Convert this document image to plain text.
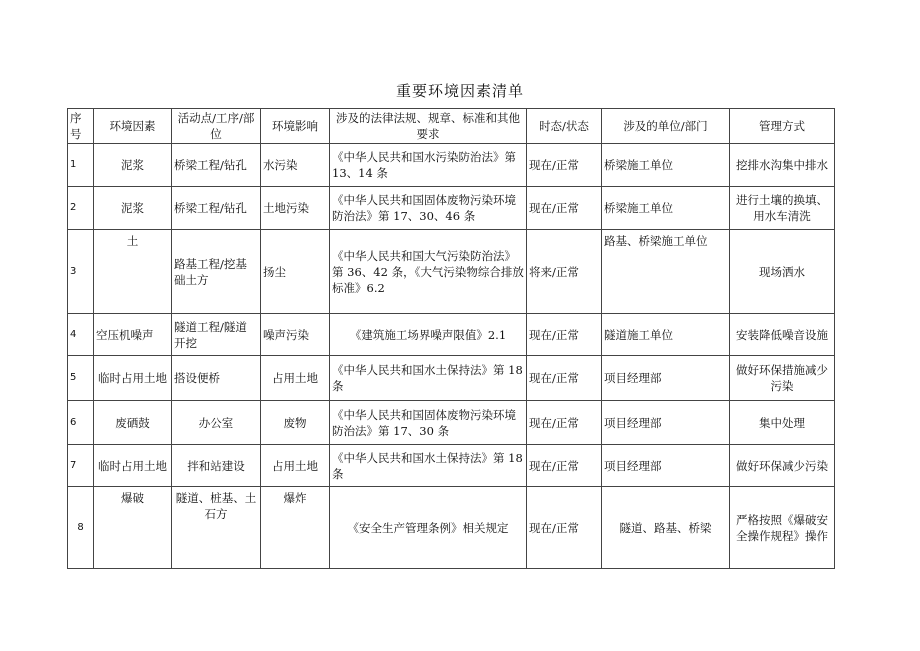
重要环境因素清单
序号	环境因素	活动点/工序/部位	环境影响	涉及的法律法规、规章、标准和其他要求	时态/状态	涉及的单位/部门	管理方式
1	泥浆	桥梁工程/钻孔	水污染	《中华人民共和国水污染防治法》第 13、14 条	现在/正常	桥梁施工单位	挖排水沟集中排水
2	泥浆	桥梁工程/钻孔	土地污染	《中华人民共和国固体废物污染环境防治法》第 17、30、46 条	现在/正常	桥梁施工单位	进行土壤的换填、用水车清洗
3	土	路基工程/挖基础土方	扬尘	《中华人民共和国大气污染防治法》第 36、42 条，《大气污染物综合排放标准》6.2	将来/正常	路基、桥梁施工单位	现场洒水
4	空压机噪声	隧道工程/隧道开挖	噪声污染	《建筑施工场界噪声限值》2.1	现在/正常	隧道施工单位	安装降低噪音设施
5	临时占用土地	搭设便桥	占用土地	《中华人民共和国水土保持法》第 18 条	现在/正常	项目经理部	做好环保措施减少污染
6	废硒鼓	办公室	废物	《中华人民共和国固体废物污染环境防治法》第 17、30 条	现在/正常	项目经理部	集中处理
7	临时占用土地	拌和站建设	占用土地	《中华人民共和国水土保持法》第 18 条	现在/正常	项目经理部	做好环保减少污染
8	爆破	隧道、桩基、土石方	爆炸	《安全生产管理条例》相关规定	现在/正常	隧道、路基、桥梁	严格按照《爆破安全操作规程》操作
